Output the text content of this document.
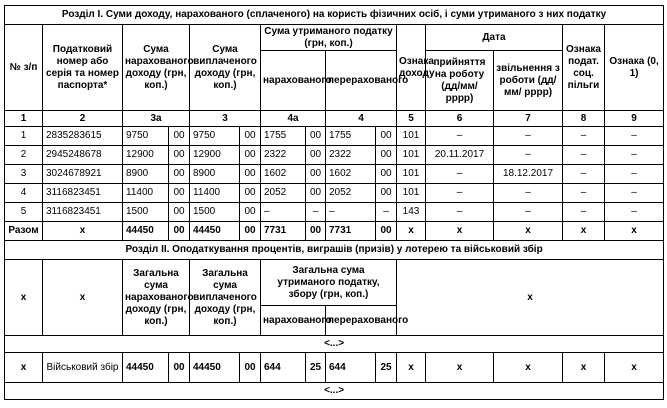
Розділ І. Суми доходу, нарахованого (сплаченого) на користь фізичних осіб, і суми утриманого з них податку														
№ з/п	Податковий номер або серія та номер паспорта*	Сума нарахованого доходу (грн, коп.)		Сума виплаченого доходу (грн, коп.)		Сума утриманого податку (грн, коп.)				Ознака доходу	Дата		Ознака подат. соц. пільги	Ознака (0, 1)
						нарахованого		перерахованого			прийняття на роботу (дд/мм/ рррр)	звільнення з роботи (дд/мм/ рррр)		
1	2	3а		3		4а		4		5	6	7	8	9
1	2835283615	9750	00	9750	00	1755	00	1755	00	101	–	–	–	–
2	2945248678	12900	00	12900	00	2322	00	2322	00	101	20.11.2017	–	–	–
3	3024678921	8900	00	8900	00	1602	00	1602	00	101	–	18.12.2017	–	–
4	3116823451	11400	00	11400	00	2052	00	2052	00	101	–	–	–	–
5	3116823451	1500	00	1500	00	–	–	–	–	143	–	–	–	–
Разом	х	44450	00	44450	00	7731	00	7731	00	х	х	х	х	х
Розділ ІІ. Оподаткування процентів, виграшів (призів) у лотерею та військовий збір														
х	х	Загальна сума нарахованого доходу (грн, коп.)		Загальна сума виплаченого доходу (грн, коп.)		Загальна сума утриманого податку, збору (грн, коп.)				х				
						нарахованого		перерахованого						
<...>														
х	Військовий збір	44450	00	44450	00	644	25	644	25	х	х	х	х	х
<...>														
